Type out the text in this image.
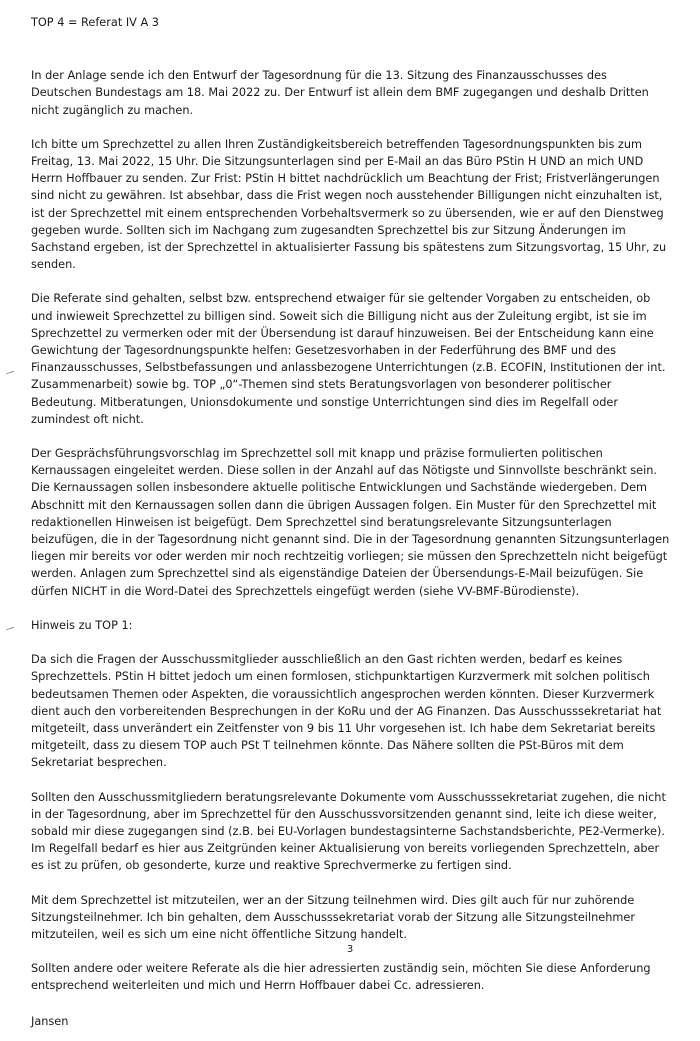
TOP 4 = Referat IV A 3

In der Anlage sende ich den Entwurf der Tagesordnung für die 13. Sitzung des Finanzausschusses des Deutschen Bundestags am 18. Mai 2022 zu. Der Entwurf ist allein dem BMF zugegangen und deshalb Dritten nicht zugänglich zu machen.

Ich bitte um Sprechzettel zu allen Ihren Zuständigkeitsbereich betreffenden Tagesordnungspunkten bis zum Freitag, 13. Mai 2022, 15 Uhr. Die Sitzungsunterlagen sind per E-Mail an das Büro PStin H UND an mich UND Herrn Hoffbauer zu senden. Zur Frist: PStin H bittet nachdrücklich um Beachtung der Frist; Fristverlängerungen sind nicht zu gewähren. Ist absehbar, dass die Frist wegen noch ausstehender Billigungen nicht einzuhalten ist, ist der Sprechzettel mit einem entsprechenden Vorbehaltsvermerk so zu übersenden, wie er auf den Dienstweg gegeben wurde. Sollten sich im Nachgang zum zugesandten Sprechzettel bis zur Sitzung Änderungen im Sachstand ergeben, ist der Sprechzettel in aktualisierter Fassung bis spätestens zum Sitzungsvortag, 15 Uhr, zu senden.

Die Referate sind gehalten, selbst bzw. entsprechend etwaiger für sie geltender Vorgaben zu entscheiden, ob und inwieweit Sprechzettel zu billigen sind. Soweit sich die Billigung nicht aus der Zuleitung ergibt, ist sie im Sprechzettel zu vermerken oder mit der Übersendung ist darauf hinzuweisen. Bei der Entscheidung kann eine Gewichtung der Tagesordnungspunkte helfen: Gesetzesvorhaben in der Federführung des BMF und des Finanzausschusses, Selbstbefassungen und anlassbezogene Unterrichtungen (z.B. ECOFIN, Institutionen der int. Zusammenarbeit) sowie bg. TOP „0“-Themen sind stets Beratungsvorlagen von besonderer politischer Bedeutung. Mitberatungen, Unionsdokumente und sonstige Unterrichtungen sind dies im Regelfall oder zumindest oft nicht.

Der Gesprächsführungsvorschlag im Sprechzettel soll mit knapp und präzise formulierten politischen Kernaussagen eingeleitet werden. Diese sollen in der Anzahl auf das Nötigste und Sinnvollste beschränkt sein. Die Kernaussagen sollen insbesondere aktuelle politische Entwicklungen und Sachstände wiedergeben. Dem Abschnitt mit den Kernaussagen sollen dann die übrigen Aussagen folgen. Ein Muster für den Sprechzettel mit redaktionellen Hinweisen ist beigefügt. Dem Sprechzettel sind beratungsrelevante Sitzungsunterlagen beizufügen, die in der Tagesordnung nicht genannt sind. Die in der Tagesordnung genannten Sitzungsunterlagen liegen mir bereits vor oder werden mir noch rechtzeitig vorliegen; sie müssen den Sprechzetteln nicht beigefügt werden. Anlagen zum Sprechzettel sind als eigenständige Dateien der Übersendungs-E-Mail beizufügen. Sie dürfen NICHT in die Word-Datei des Sprechzettels eingefügt werden (siehe VV-BMF-Bürodienste).

Hinweis zu TOP 1:

Da sich die Fragen der Ausschussmitglieder ausschließlich an den Gast richten werden, bedarf es keines Sprechzettels. PStin H bittet jedoch um einen formlosen, stichpunktartigen Kurzvermerk mit solchen politisch bedeutsamen Themen oder Aspekten, die voraussichtlich angesprochen werden könnten. Dieser Kurzvermerk dient auch den vorbereitenden Besprechungen in der KoRu und der AG Finanzen. Das Ausschusssekretariat hat mitgeteilt, dass unverändert ein Zeitfenster von 9 bis 11 Uhr vorgesehen ist. Ich habe dem Sekretariat bereits mitgeteilt, dass zu diesem TOP auch PSt T teilnehmen könnte. Das Nähere sollten die PSt-Büros mit dem Sekretariat besprechen.

Sollten den Ausschussmitgliedern beratungsrelevante Dokumente vom Ausschusssekretariat zugehen, die nicht in der Tagesordnung, aber im Sprechzettel für den Ausschussvorsitzenden genannt sind, leite ich diese weiter, sobald mir diese zugegangen sind (z.B. bei EU-Vorlagen bundestagsinterne Sachstandsberichte, PE2-Vermerke). Im Regelfall bedarf es hier aus Zeitgründen keiner Aktualisierung von bereits vorliegenden Sprechzetteln, aber es ist zu prüfen, ob gesonderte, kurze und reaktive Sprechvermerke zu fertigen sind.

Mit dem Sprechzettel ist mitzuteilen, wer an der Sitzung teilnehmen wird. Dies gilt auch für nur zuhörende Sitzungsteilnehmer. Ich bin gehalten, dem Ausschusssekretariat vorab der Sitzung alle Sitzungsteilnehmer mitzuteilen, weil es sich um eine nicht öffentliche Sitzung handelt.

Sollten andere oder weitere Referate als die hier adressierten zuständig sein, möchten Sie diese Anforderung entsprechend weiterleiten und mich und Herrn Hoffbauer dabei Cc. adressieren.

Jansen

3
